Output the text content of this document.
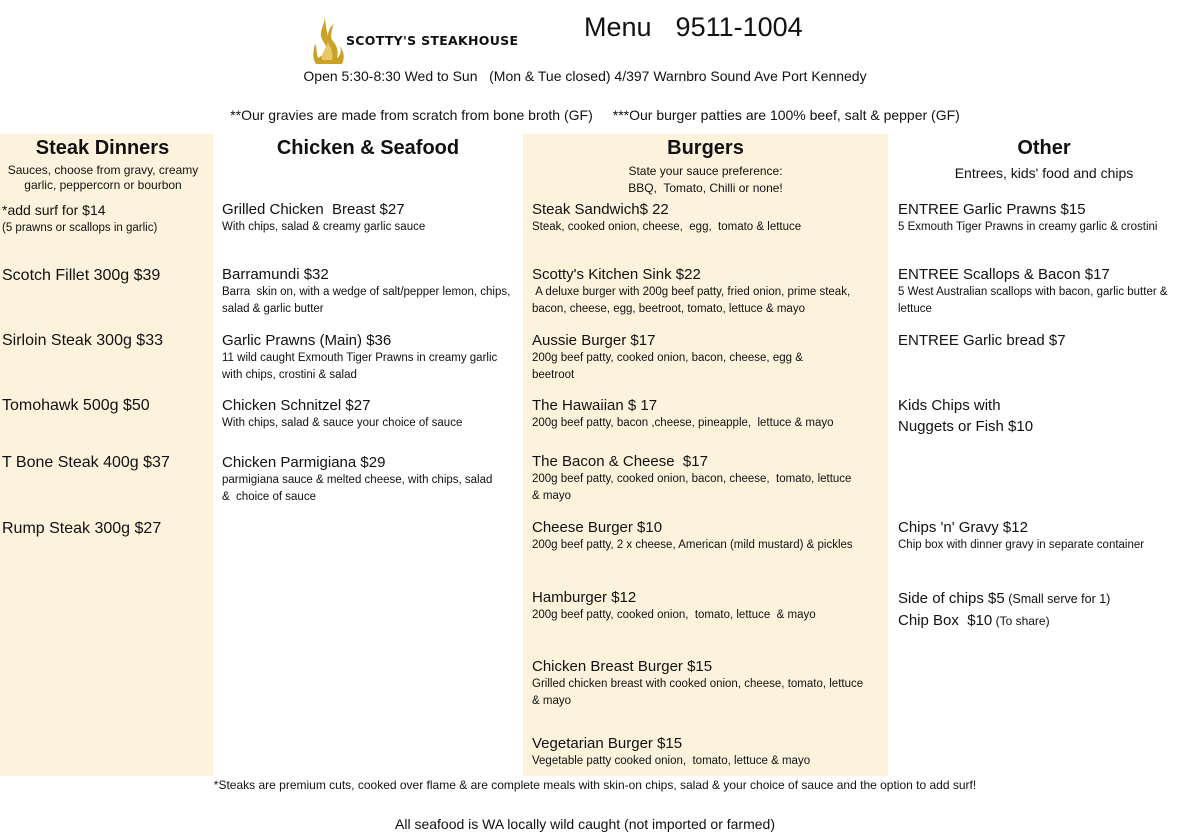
SCOTTY'S STEAKHOUSE Menu 9511-1004
Open 5:30-8:30 Wed to Sun   (Mon & Tue closed) 4/397 Warnbro Sound Ave Port Kennedy
**Our gravies are made from scratch from bone broth (GF) ***Our burger patties are 100% beef, salt & pepper (GF)
Steak Dinners
Sauces, choose from gravy, creamy garlic, peppercorn or bourbon
*add surf for $14
(5 prawns or scallops in garlic)
Scotch Fillet 300g $39
Sirloin Steak 300g $33
Tomohawk 500g $50
T Bone Steak 400g $37
Rump Steak 300g $27
Chicken & Seafood
Grilled Chicken  Breast $27
With chips, salad & creamy garlic sauce
Barramundi $32
Barra  skin on, with a wedge of salt/pepper lemon, chips, salad & garlic butter
Garlic Prawns (Main) $36
11 wild caught Exmouth Tiger Prawns in creamy garlic with chips, crostini & salad
Chicken Schnitzel $27
With chips, salad & sauce your choice of sauce
Chicken Parmigiana $29
parmigiana sauce & melted cheese, with chips, salad &  choice of sauce
Burgers
State your sauce preference:
BBQ,  Tomato, Chilli or none!
Steak Sandwich$ 22
Steak, cooked onion, cheese,  egg,  tomato & lettuce
Scotty's Kitchen Sink $22
A deluxe burger with 200g beef patty, fried onion, prime steak, bacon, cheese, egg, beetroot, tomato, lettuce & mayo
Aussie Burger $17
200g beef patty, cooked onion, bacon, cheese, egg & beetroot
The Hawaiian $ 17
200g beef patty, bacon ,cheese, pineapple,  lettuce & mayo
The Bacon & Cheese  $17
200g beef patty, cooked onion, bacon, cheese,  tomato, lettuce & mayo
Cheese Burger $10
200g beef patty, 2 x cheese, American (mild mustard) & pickles
Hamburger $12
200g beef patty, cooked onion,  tomato, lettuce  & mayo
Chicken Breast Burger $15
Grilled chicken breast with cooked onion, cheese, tomato, lettuce & mayo
Vegetarian Burger $15
Vegetable patty cooked onion,  tomato, lettuce & mayo
Other
Entrees, kids' food and chips
ENTREE Garlic Prawns $15
5 Exmouth Tiger Prawns in creamy garlic & crostini
ENTREE Scallops & Bacon $17
5 West Australian scallops with bacon, garlic butter &  lettuce
ENTREE Garlic bread $7
Kids Chips with
Nuggets or Fish $10
Chips 'n' Gravy $12
Chip box with dinner gravy in separate container
Side of chips $5 (Small serve for 1)
Chip Box  $10 (To share)
*Steaks are premium cuts, cooked over flame & are complete meals with skin-on chips, salad & your choice of sauce and the option to add surf!
All seafood is WA locally wild caught (not imported or farmed)
